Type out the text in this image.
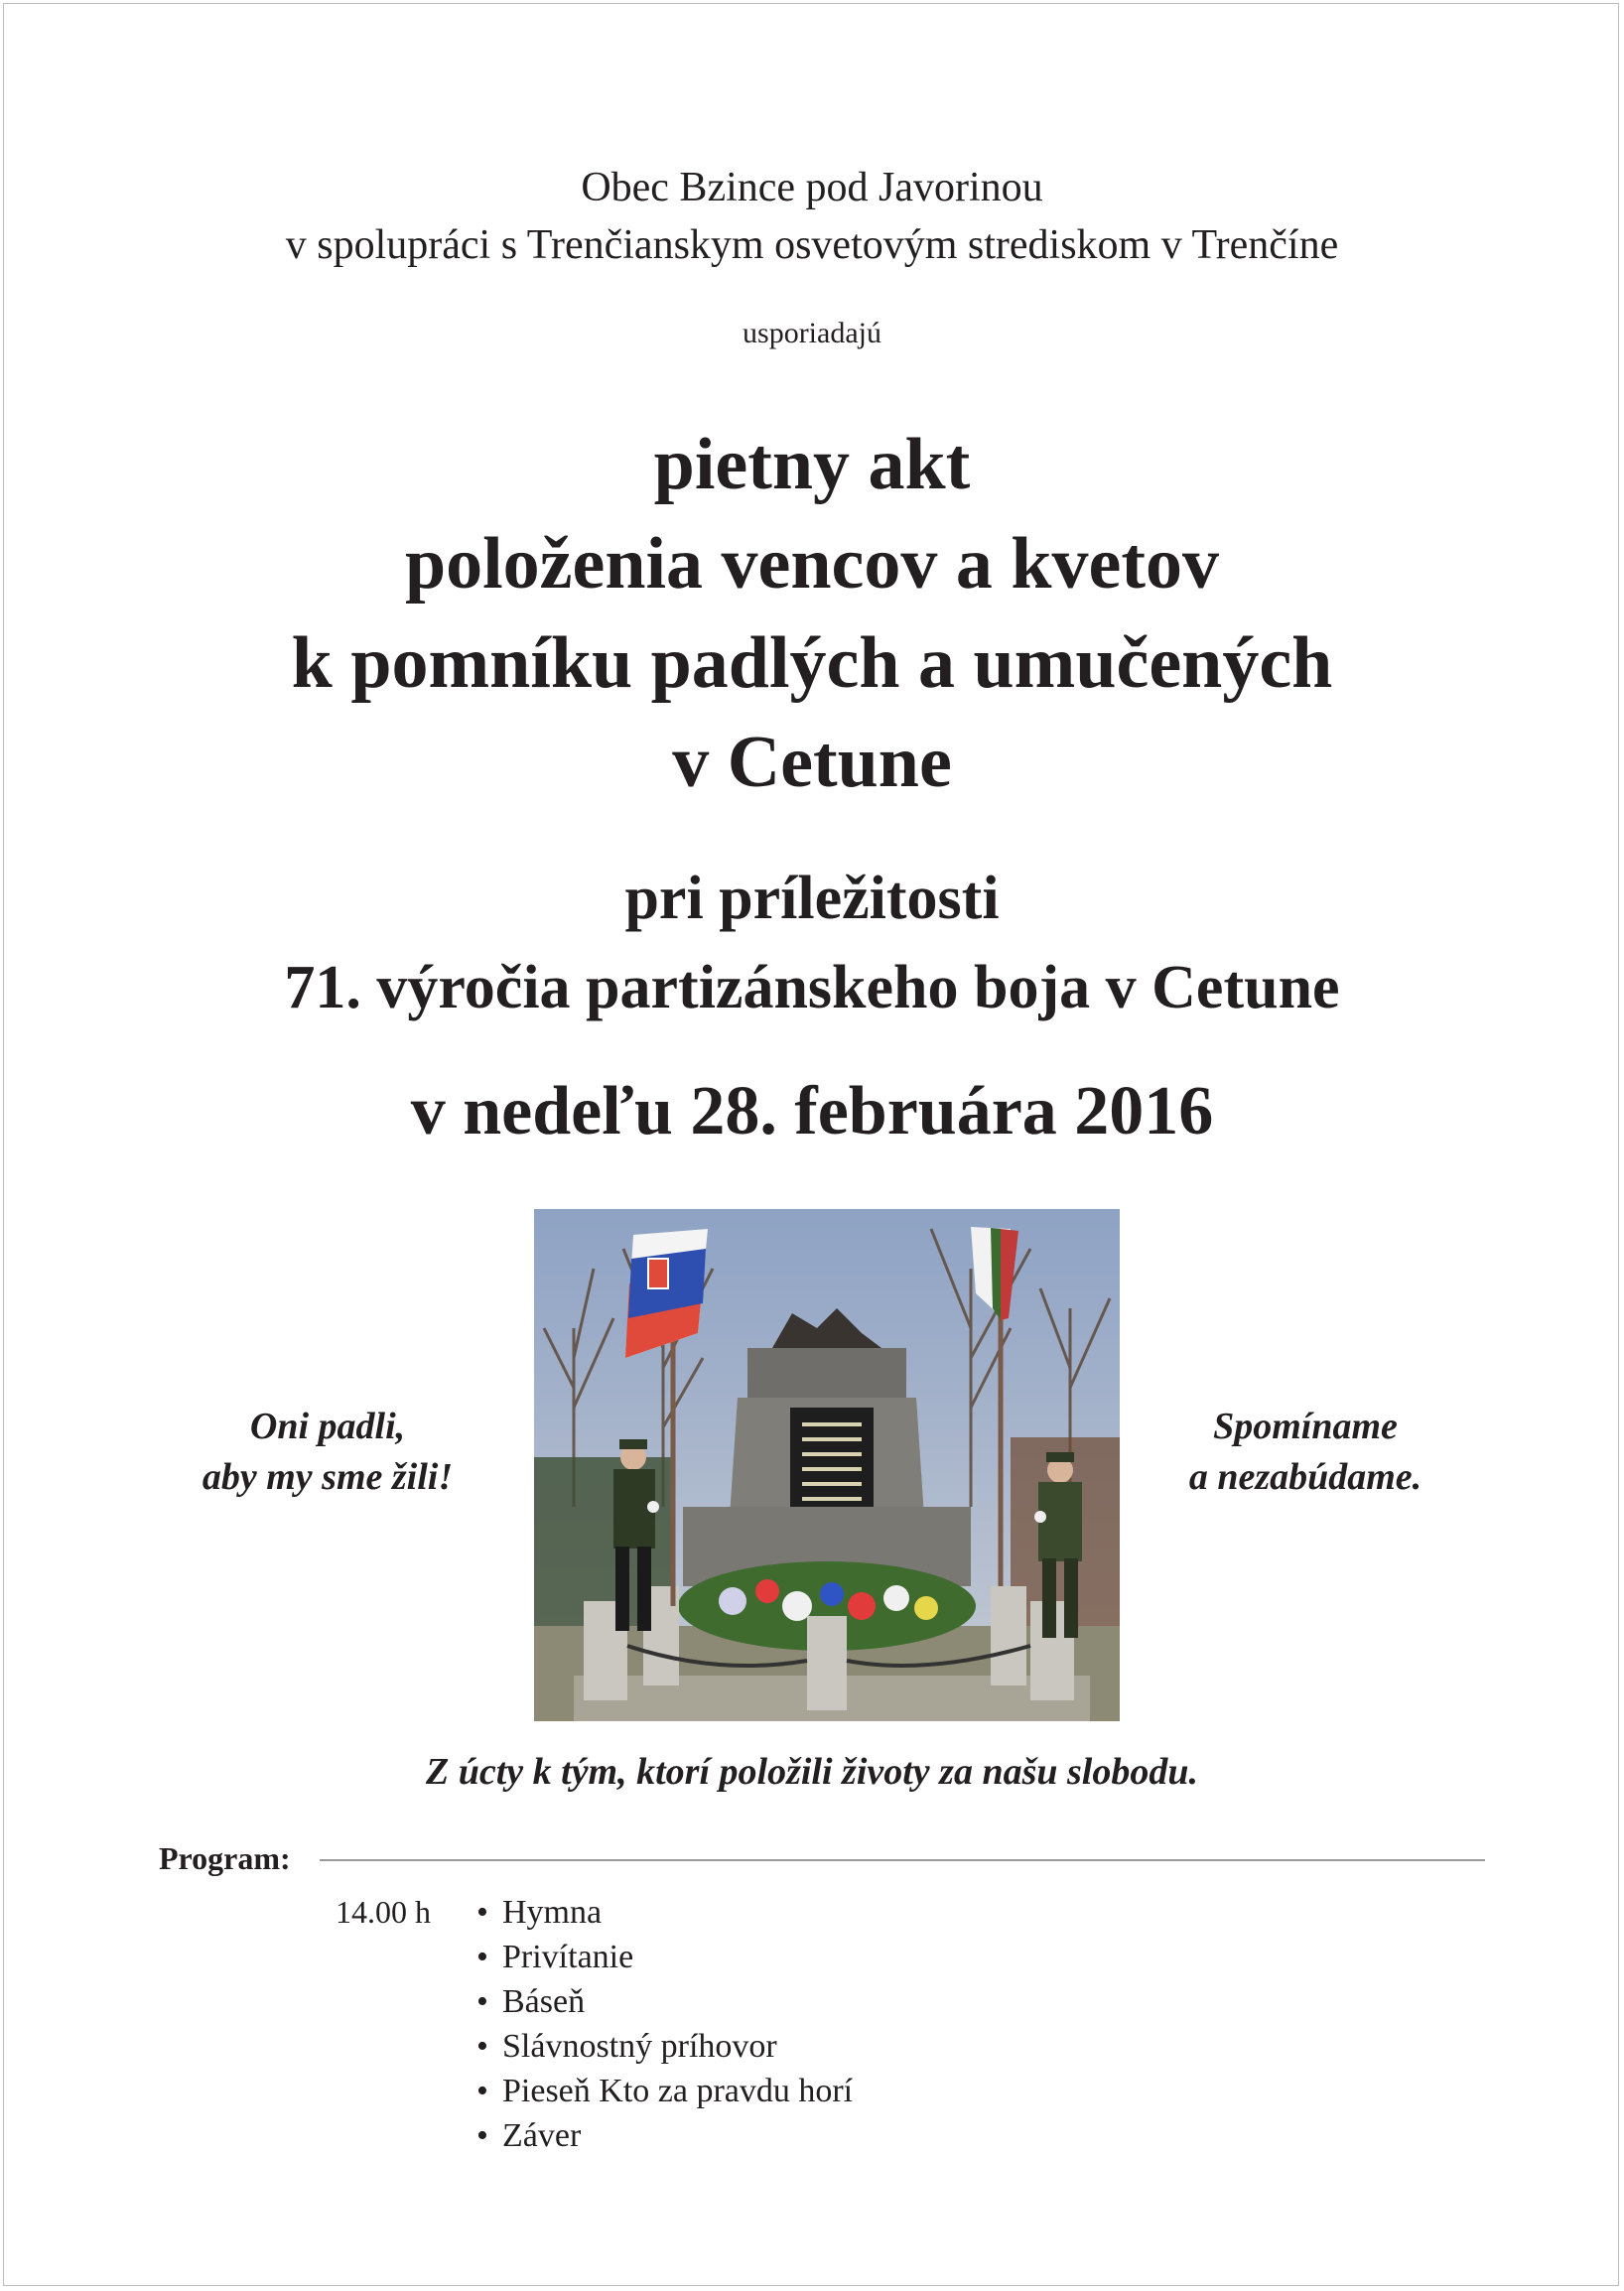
Obec Bzince pod Javorinou
v spolupráci s Trenčianskym osvetovým strediskom v Trenčíne
usporiadajú
pietny akt
položenia vencov a kvetov
k pomníku padlých a umučených
v Cetune
pri príležitosti
71. výročia partizánskeho boja v Cetune
v nedeľu 28. februára 2016
Oni padli,
aby my sme žili!
Spomíname
a nezabúdame.
Z úcty k tým, ktorí položili životy za našu slobodu.
Program:
14.00 h
•	Hymna
• Privítanie
• Báseň
• Slávnostný príhovor
• Pieseň Kto za pravdu horí
• Záver
